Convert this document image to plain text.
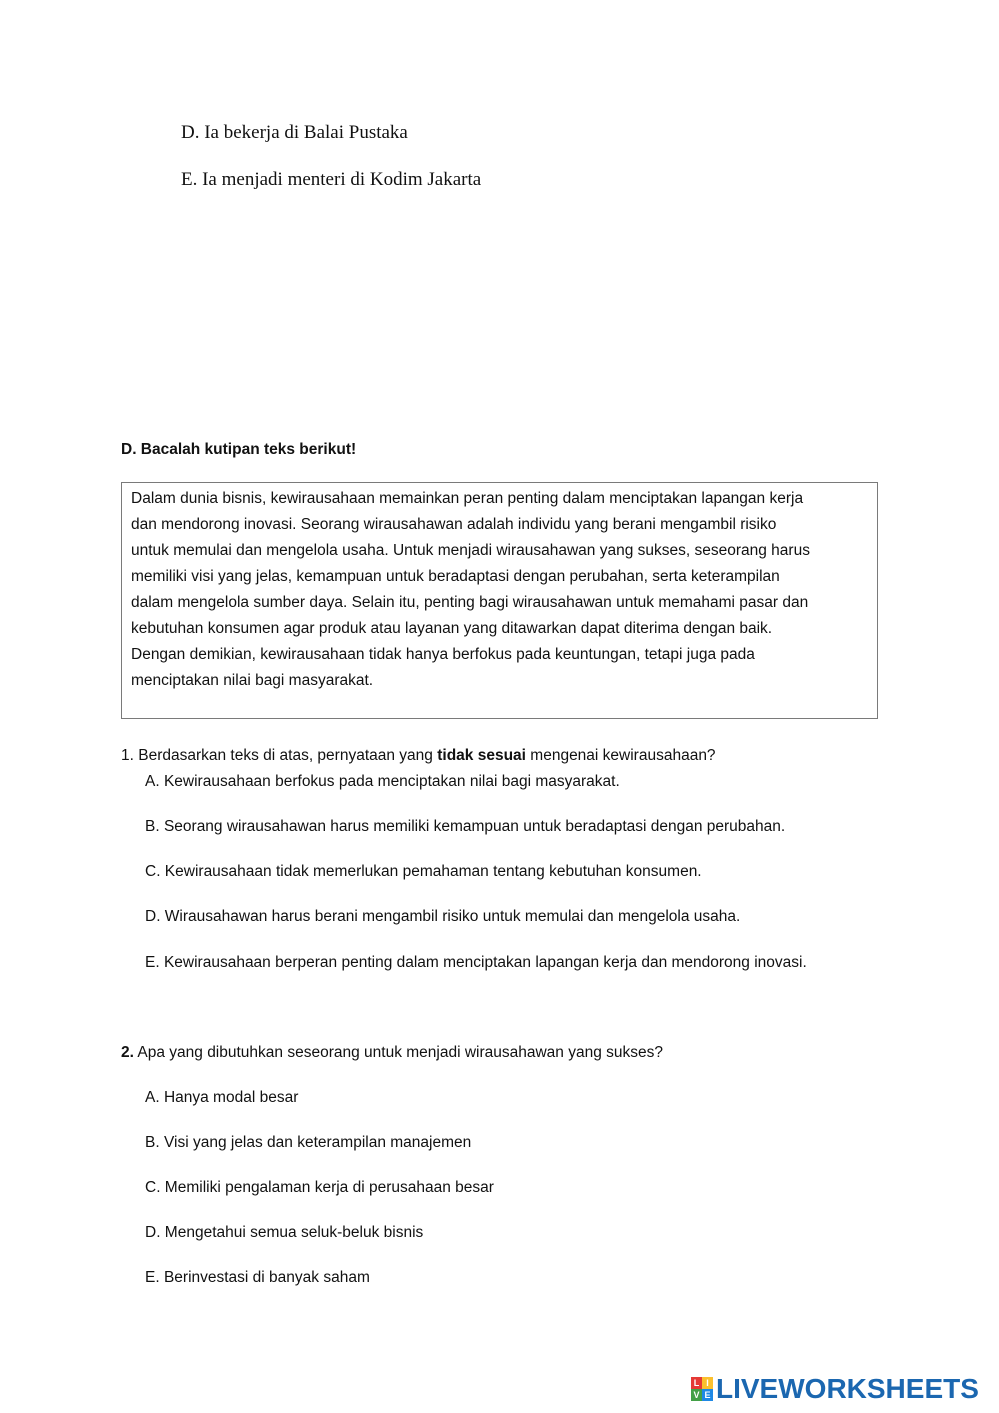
D. Ia bekerja di Balai Pustaka
E. Ia menjadi menteri di Kodim Jakarta
D. Bacalah kutipan teks berikut!
Dalam dunia bisnis, kewirausahaan memainkan peran penting dalam menciptakan lapangan kerja
dan mendorong inovasi. Seorang wirausahawan adalah individu yang berani mengambil risiko
untuk memulai dan mengelola usaha. Untuk menjadi wirausahawan yang sukses, seseorang harus
memiliki visi yang jelas, kemampuan untuk beradaptasi dengan perubahan, serta keterampilan
dalam mengelola sumber daya. Selain itu, penting bagi wirausahawan untuk memahami pasar dan
kebutuhan konsumen agar produk atau layanan yang ditawarkan dapat diterima dengan baik.
Dengan demikian, kewirausahaan tidak hanya berfokus pada keuntungan, tetapi juga pada
menciptakan nilai bagi masyarakat.
1. Berdasarkan teks di atas, pernyataan yang tidak sesuai mengenai kewirausahaan?
A. Kewirausahaan berfokus pada menciptakan nilai bagi masyarakat.
B. Seorang wirausahawan harus memiliki kemampuan untuk beradaptasi dengan perubahan.
C. Kewirausahaan tidak memerlukan pemahaman tentang kebutuhan konsumen.
D. Wirausahawan harus berani mengambil risiko untuk memulai dan mengelola usaha.
E. Kewirausahaan berperan penting dalam menciptakan lapangan kerja dan mendorong inovasi.
2. Apa yang dibutuhkan seseorang untuk menjadi wirausahawan yang sukses?
A. Hanya modal besar
B. Visi yang jelas dan keterampilan manajemen
C. Memiliki pengalaman kerja di perusahaan besar
D. Mengetahui semua seluk-beluk bisnis
E. Berinvestasi di banyak saham
L I
V E LIVEWORKSHEETS
